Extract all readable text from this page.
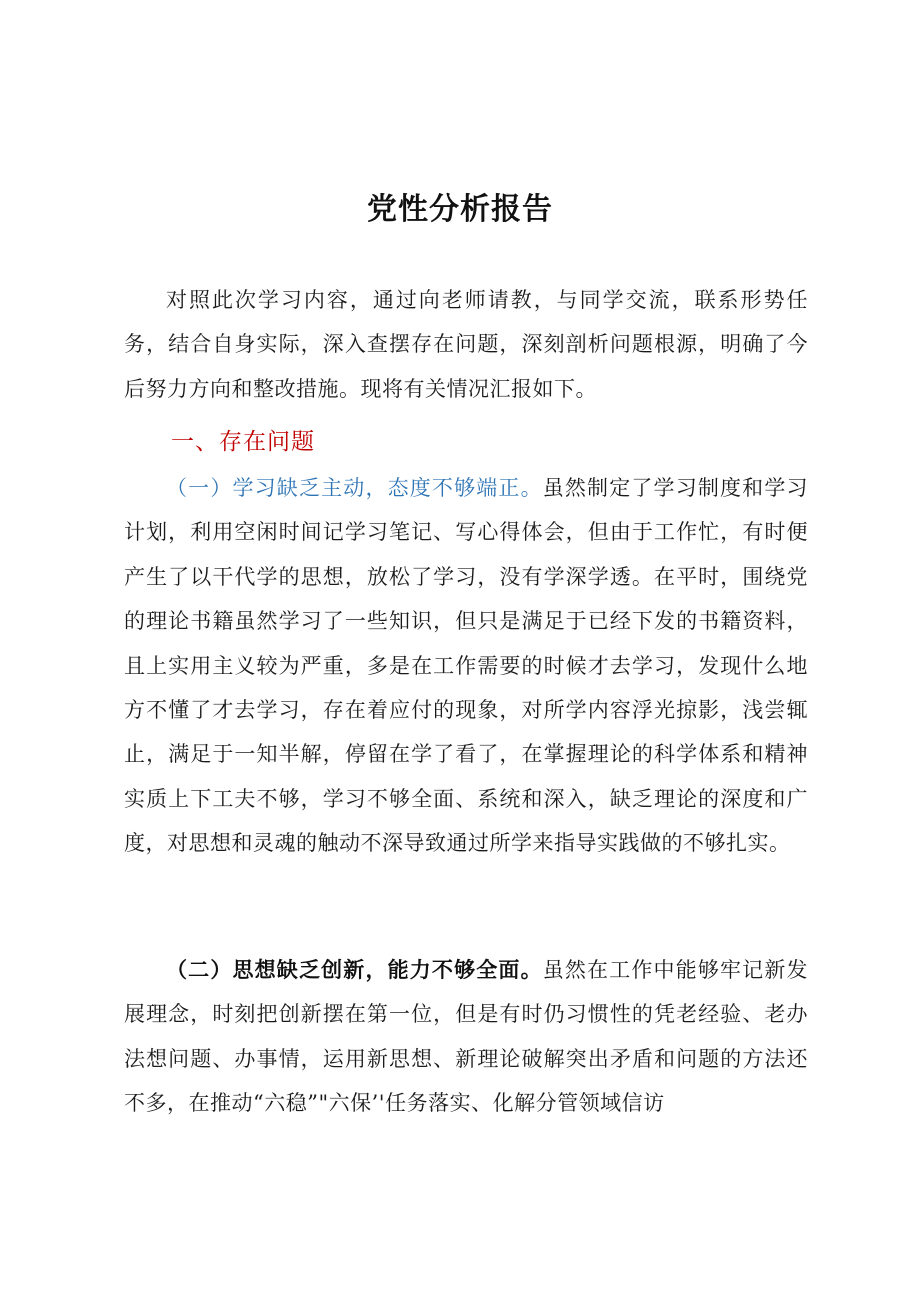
党性分析报告

对照此次学习内容，通过向老师请教，与同学交流，联系形势任务，结合自身实际，深入查摆存在问题，深刻剖析问题根源，明确了今后努力方向和整改措施。现将有关情况汇报如下。

一、存在问题

（一）学习缺乏主动，态度不够端正。虽然制定了学习制度和学习计划，利用空闲时间记学习笔记、写心得体会，但由于工作忙，有时便产生了以干代学的思想，放松了学习，没有学深学透。在平时，围绕党的理论书籍虽然学习了一些知识，但只是满足于已经下发的书籍资料，且上实用主义较为严重，多是在工作需要的时候才去学习，发现什么地方不懂了才去学习，存在着应付的现象，对所学内容浮光掠影，浅尝辄止，满足于一知半解，停留在学了看了，在掌握理论的科学体系和精神实质上下工夫不够，学习不够全面、系统和深入，缺乏理论的深度和广度，对思想和灵魂的触动不深导致通过所学来指导实践做的不够扎实。

（二）思想缺乏创新，能力不够全面。虽然在工作中能够牢记新发展理念，时刻把创新摆在第一位，但是有时仍习惯性的凭老经验、老办法想问题、办事情，运用新思想、新理论破解突出矛盾和问题的方法还不多，在推动“六稳”"六保’'任务落实、化解分管领域信访
